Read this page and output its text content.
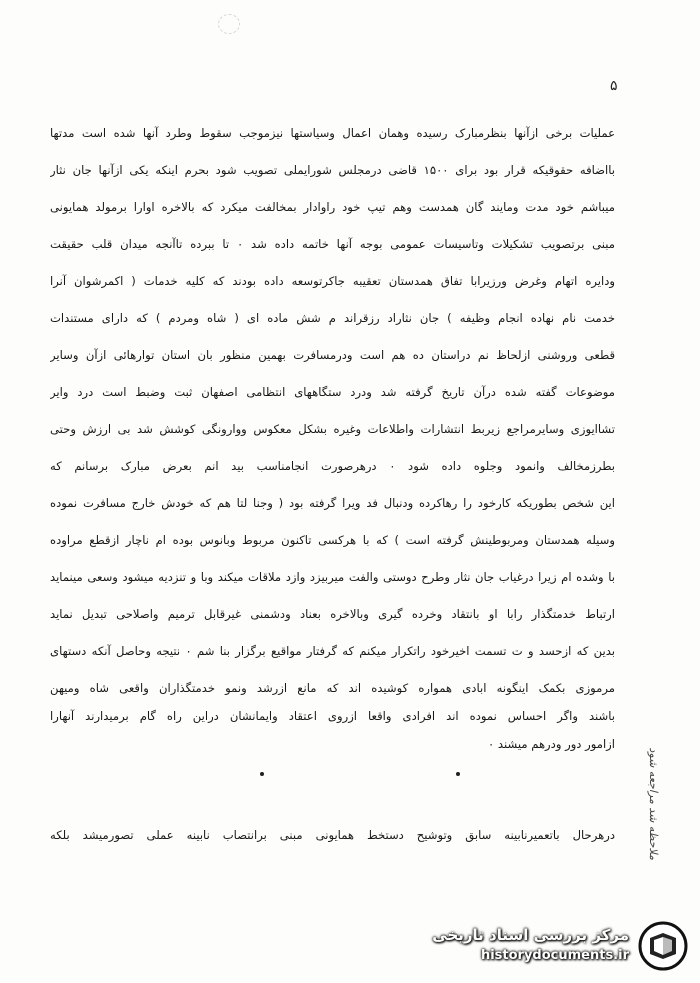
۵
عملیات برخی ازآنها بنظرمبارک رسیده وهمان اعمال وسیاستها نیزموجب سقوط وطرد آنها شده است مدتها
بااضافه حقوقیکه قرار بود برای ۱۵۰۰ قاضی درمجلس شورایملی تصویب شود بحرم اینکه یکی ازآنها جان نثار
میباشم خود مدت ومایند گان همدست وهم تیپ خود راوادار بمخالفت میکرد که بالاخره اوارا برمولد همایونی
مبنی برتصویب تشکیلات وتاسیسات عمومی بوجه آنها خاتمه داده شد ۰ تا ببرده تاآنجه میدان قلب حقیقت
ودایره اتهام وغرض ورزیرابا تفاق همدستان تعقیبه جاکرتوسعه داده بودند که کلیه خدمات ( اکمرشوان آنرا
خدمت نام نهاده انجام وظیفه ) جان نثاراد رزقراند م شش ماده ای ( شاه ومردم ) که دارای مستندات
قطعی وروشنی ازلحاظ نم دراستان ده هم است ودرمسافرت بهمین منظور بان استان توارهائی ازآن وسایر
موضوعات گفته شده درآن تاریخ گرفته شد ودرد ستگاههای انتظامی اصفهان ثبت وضبط است درد وایر
تشاایوزی وسایرمراجع زیربط انتشارات واطلاعات وغیره بشکل معکوس ووارونگی کوشش شد بی ارزش وحتی
بطرزمخالف وانمود وجلوه داده شود ۰ درهرصورت انجامناسب بید انم بعرض مبارک برسانم که
این شخص بطوریکه کارخود را رهاکرده ودنبال فد ویرا گرفته بود ( وجنا لتا هم که خودش خارج مسافرت نموده
وسیله همدستان ومربوطینش گرفته است ) که با هرکسی تاکنون مربوط وبانوس بوده ام ناچار ازقطع مراوده
با وشده ام زیرا درغیاب جان نثار وطرح دوستی والفت میربیزد وازد ملاقات میکند وبا و تنزدیه میشود وسعی مینماید
ارتباط خدمتگذار رابا او بانتقاد وخرده گیری وبالاخره بعناد ودشمنی غیرقابل ترمیم واصلاحی تبدیل نماید
بدین که ازحسد و ت تسمت اخیرخود راتکرار میکنم که گرفتار مواقیع برگزار بنا شم ۰ نتیجه وحاصل آنکه دستهای
مرموزی بکمک اینگونه ابادی همواره کوشیده اند که مانع ازرشد ونمو خدمتگذاران واقعی شاه ومیهن
باشند واگر احساس نموده اند افرادی واقعا ازروی اعتقاد وایمانشان دراین راه گام برمیدارند آنهارا
ازامور دور ودرهم میشند ۰
درهرحال باتعمیرنابینه سابق وتوشیح دستخط همایونی مبنی برانتصاب نابینه عملی تصورمیشد بلکه	ملاحظه شد مراجعه شود
مرکز بررسی اسناد تاریخی
historydocuments.ir
